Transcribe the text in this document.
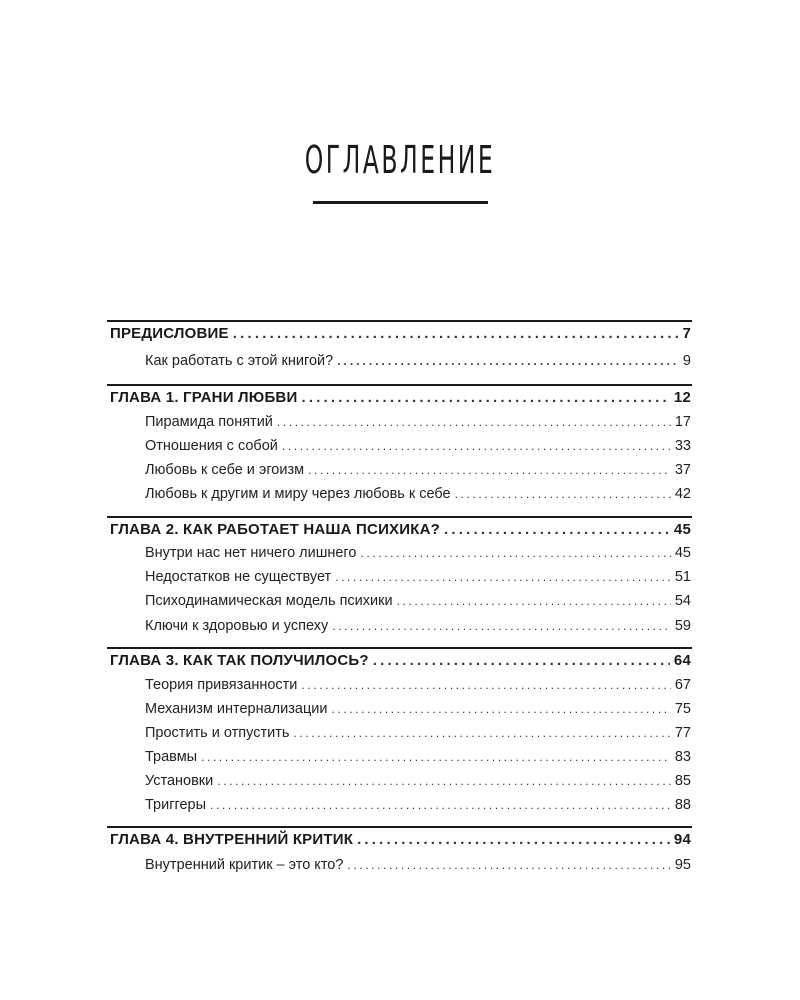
ОГЛАВЛЕНИЕ
ПРЕДИСЛОВИЕ .....	7
Как работать с этой книгой? .....	9
ГЛАВА 1. ГРАНИ ЛЮБВИ .....	12
Пирамида понятий .....	17
Отношения с собой .....	33
Любовь к себе и эгоизм .....	37
Любовь к другим и миру через любовь к себе .....	42
ГЛАВА 2. КАК РАБОТАЕТ НАША ПСИХИКА? .....	45
Внутри нас нет ничего лишнего .....	45
Недостатков не существует .....	51
Психодинамическая модель психики .....	54
Ключи к здоровью и успеху .....	59
ГЛАВА 3. КАК ТАК ПОЛУЧИЛОСЬ? .....	64
Теория привязанности .....	67
Механизм интернализации .....	75
Простить и отпустить .....	77
Травмы .....	83
Установки .....	85
Триггеры .....	88
ГЛАВА 4. ВНУТРЕННИЙ КРИТИК .....	94
Внутренний критик – это кто? .....	95
